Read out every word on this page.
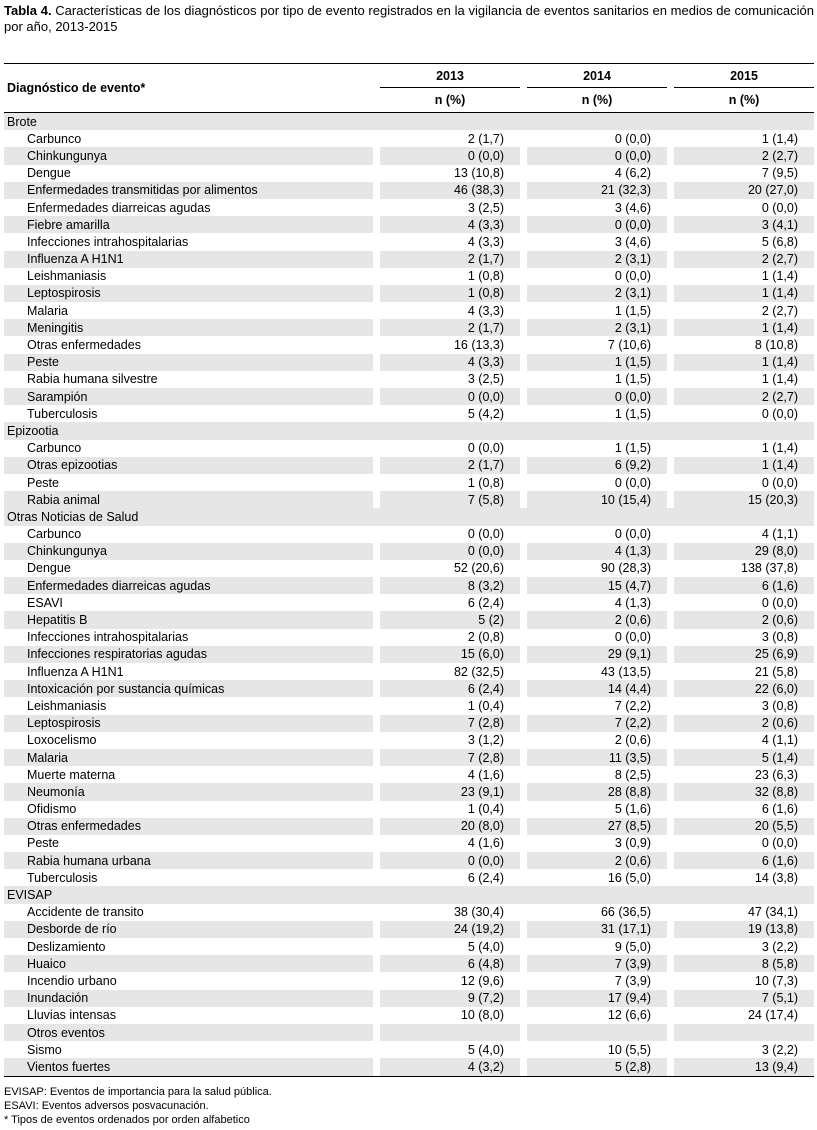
Tabla 4. Características de los diagnósticos por tipo de evento registrados en la vigilancia de eventos sanitarios en medios de comunicación por año, 2013-2015
Diagnóstico de evento*		2013		2014		2015
		n (%)		n (%)		n (%)
Brote						
Carbunco		2 (1,7)		0 (0,0)		1 (1,4)
Chinkungunya		0 (0,0)		0 (0,0)		2 (2,7)
Dengue		13 (10,8)		4 (6,2)		7 (9,5)
Enfermedades transmitidas por alimentos		46 (38,3)		21 (32,3)		20 (27,0)
Enfermedades diarreicas agudas		3 (2,5)		3 (4,6)		0 (0,0)
Fiebre amarilla		4 (3,3)		0 (0,0)		3 (4,1)
Infecciones intrahospitalarias		4 (3,3)		3 (4,6)		5 (6,8)
Influenza A H1N1		2 (1,7)		2 (3,1)		2 (2,7)
Leishmaniasis		1 (0,8)		0 (0,0)		1 (1,4)
Leptospirosis		1 (0,8)		2 (3,1)		1 (1,4)
Malaria		4 (3,3)		1 (1,5)		2 (2,7)
Meningitis		2 (1,7)		2 (3,1)		1 (1,4)
Otras enfermedades		16 (13,3)		7 (10,6)		8 (10,8)
Peste		4 (3,3)		1 (1,5)		1 (1,4)
Rabia humana silvestre		3 (2,5)		1 (1,5)		1 (1,4)
Sarampión		0 (0,0)		0 (0,0)		2 (2,7)
Tuberculosis		5 (4,2)		1 (1,5)		0 (0,0)
Epizootia						
Carbunco		0 (0,0)		1 (1,5)		1 (1,4)
Otras epizootias		2 (1,7)		6 (9,2)		1 (1,4)
Peste		1 (0,8)		0 (0,0)		0 (0,0)
Rabia animal		7 (5,8)		10 (15,4)		15 (20,3)
Otras Noticias de Salud						
Carbunco		0 (0,0)		0 (0,0)		4 (1,1)
Chinkungunya		0 (0,0)		4 (1,3)		29 (8,0)
Dengue		52 (20,6)		90 (28,3)		138 (37,8)
Enfermedades diarreicas agudas		8 (3,2)		15 (4,7)		6 (1,6)
ESAVI		6 (2,4)		4 (1,3)		0 (0,0)
Hepatitis B		5 (2)		2 (0,6)		2 (0,6)
Infecciones intrahospitalarias		2 (0,8)		0 (0,0)		3 (0,8)
Infecciones respiratorias agudas		15 (6,0)		29 (9,1)		25 (6,9)
Influenza A H1N1		82 (32,5)		43 (13,5)		21 (5,8)
Intoxicación por sustancia químicas		6 (2,4)		14 (4,4)		22 (6,0)
Leishmaniasis		1 (0,4)		7 (2,2)		3 (0,8)
Leptospirosis		7 (2,8)		7 (2,2)		2 (0,6)
Loxocelismo		3 (1,2)		2 (0,6)		4 (1,1)
Malaria		7 (2,8)		11 (3,5)		5 (1,4)
Muerte materna		4 (1,6)		8 (2,5)		23 (6,3)
Neumonía		23 (9,1)		28 (8,8)		32 (8,8)
Ofidismo		1 (0,4)		5 (1,6)		6 (1,6)
Otras enfermedades		20 (8,0)		27 (8,5)		20 (5,5)
Peste		4 (1,6)		3 (0,9)		0 (0,0)
Rabia humana urbana		0 (0,0)		2 (0,6)		6 (1,6)
Tuberculosis		6 (2,4)		16 (5,0)		14 (3,8)
EVISAP						
Accidente de transito		38 (30,4)		66 (36,5)		47 (34,1)
Desborde de río		24 (19,2)		31 (17,1)		19 (13,8)
Deslizamiento		5 (4,0)		9 (5,0)		3 (2,2)
Huaico		6 (4,8)		7 (3,9)		8 (5,8)
Incendio urbano		12 (9,6)		7 (3,9)		10 (7,3)
Inundación		9 (7,2)		17 (9,4)		7 (5,1)
Lluvias intensas		10 (8,0)		12 (6,6)		24 (17,4)
Otros eventos						
Sismo		5 (4,0)		10 (5,5)		3 (2,2)
Vientos fuertes		4 (3,2)		5 (2,8)		13 (9,4)
EVISAP: Eventos de importancia para la salud pública.
ESAVI: Eventos adversos posvacunación.
* Tipos de eventos ordenados por orden alfabetico
